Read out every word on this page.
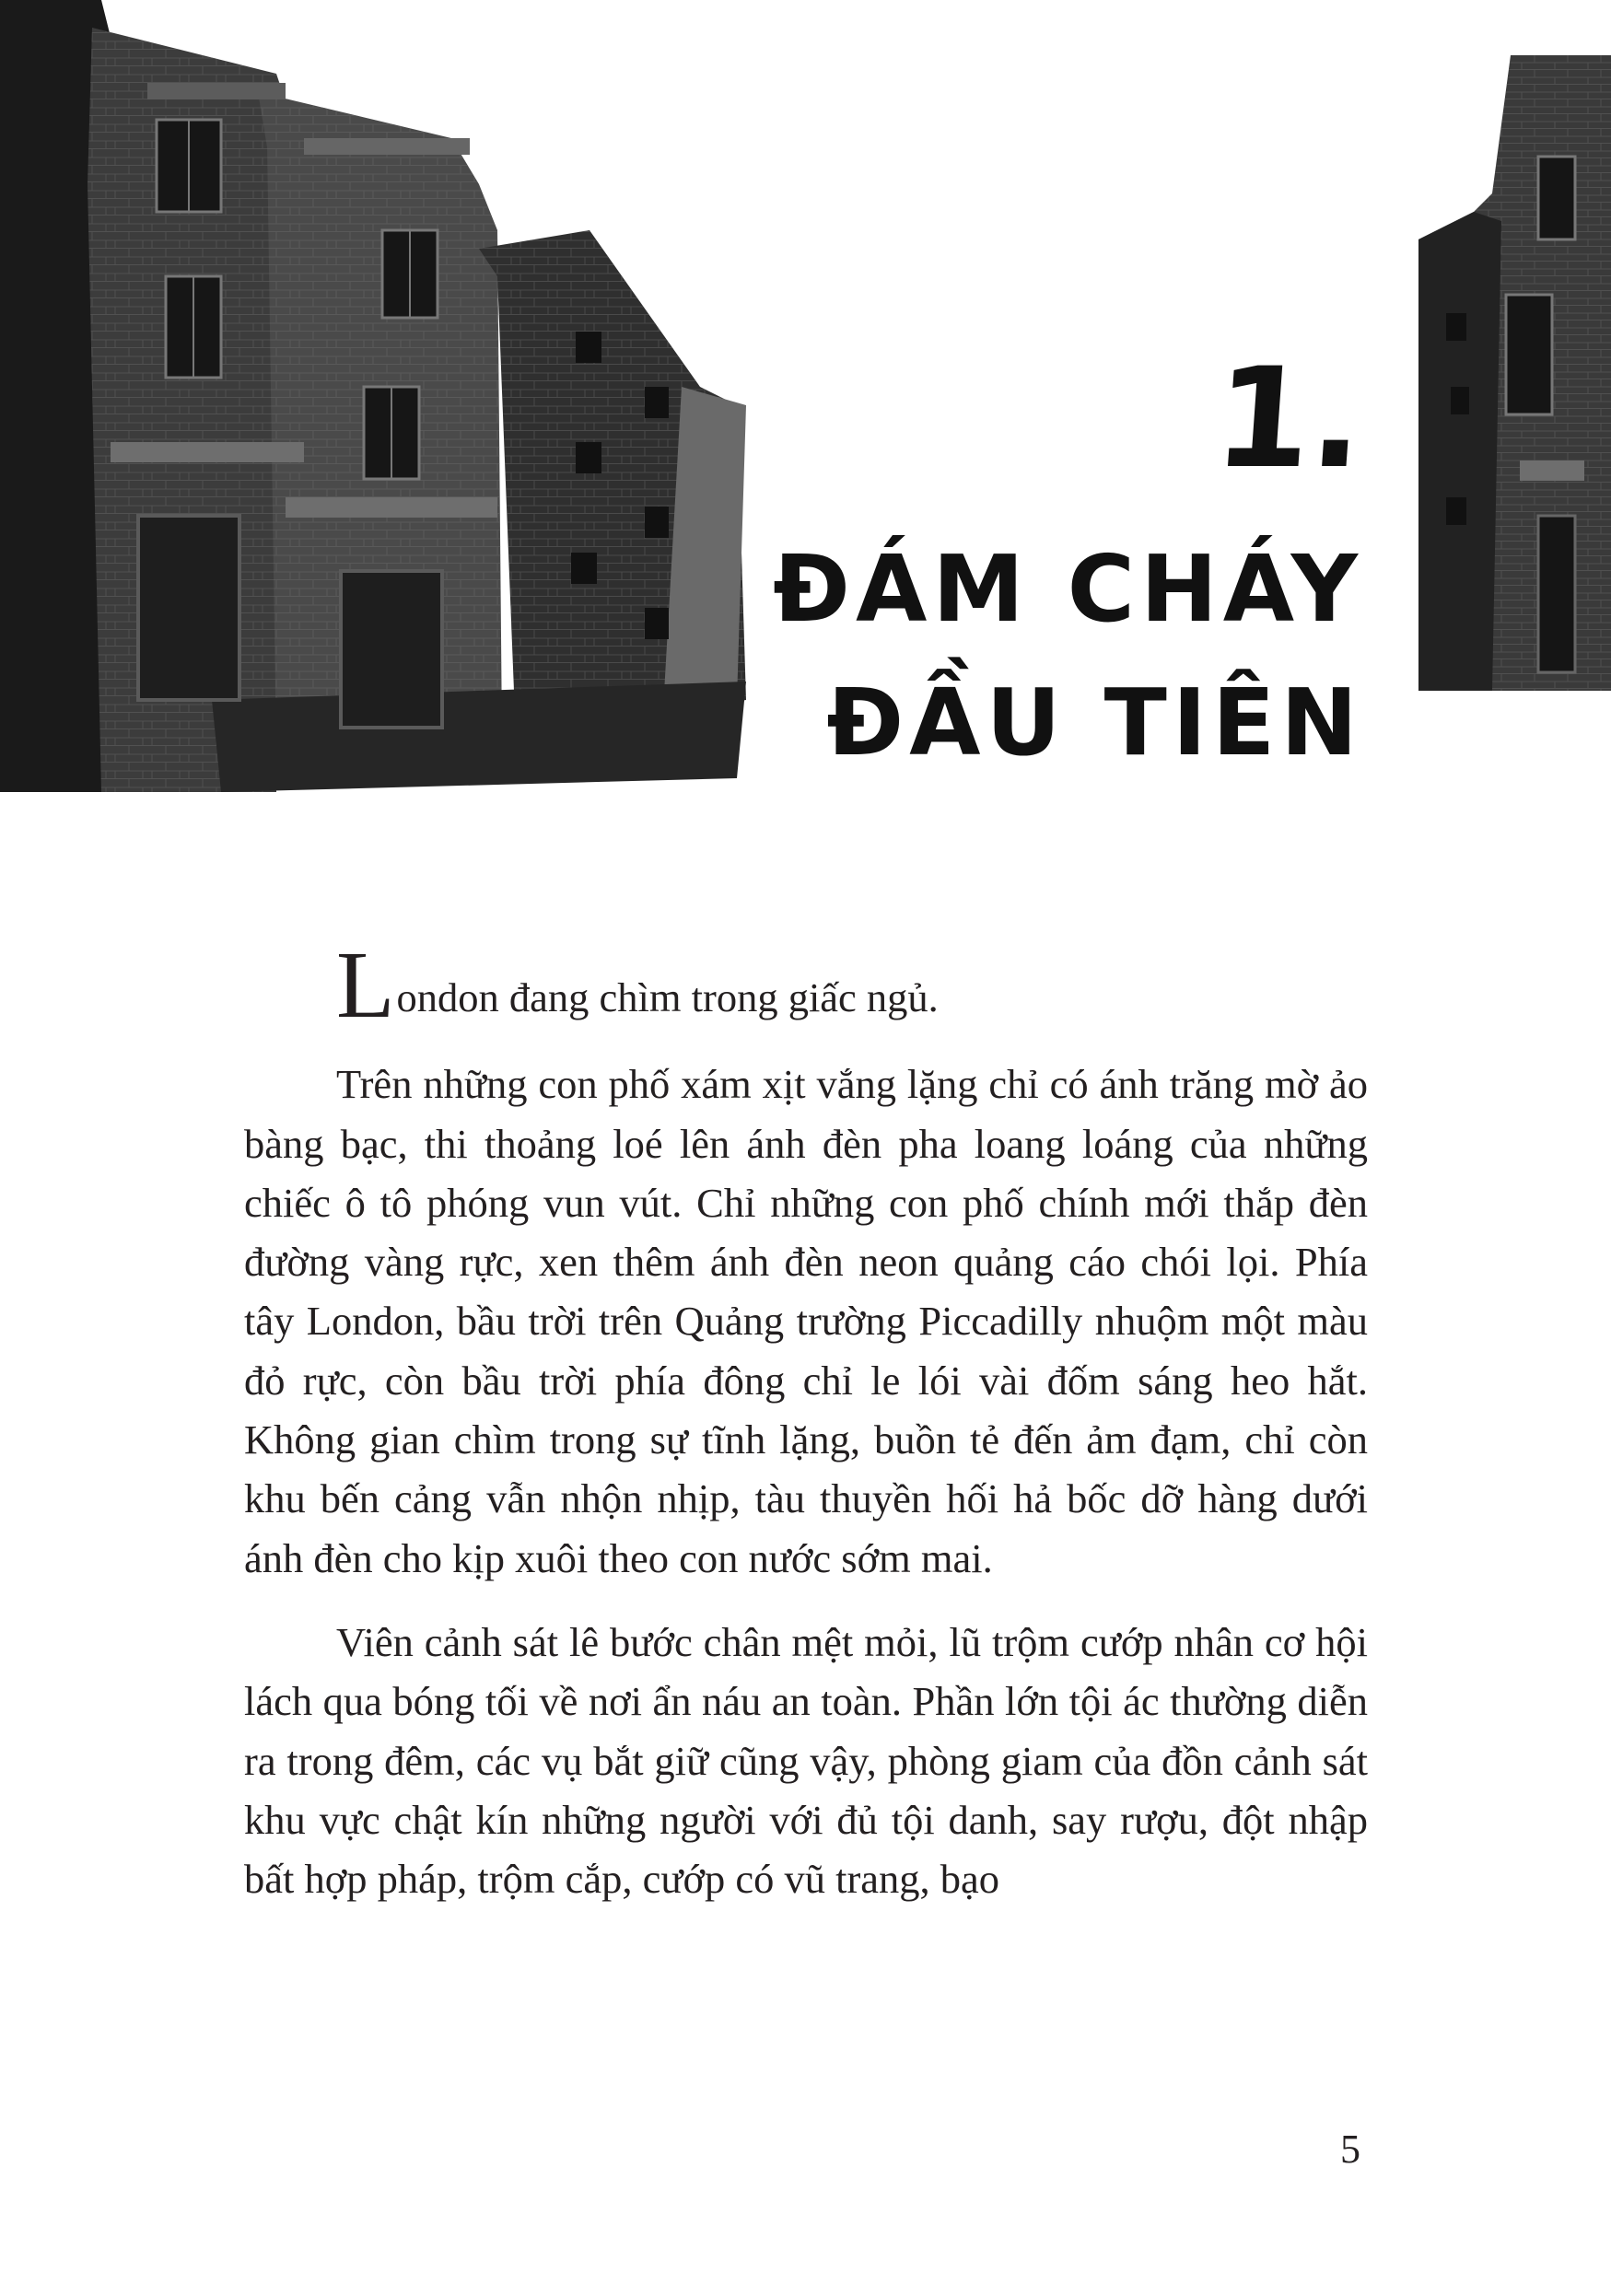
1.
ĐÁM CHÁY
ĐẦU TIÊN

London đang chìm trong giấc ngủ.

Trên những con phố xám xịt vắng lặng chỉ có ánh trăng mờ ảo bàng bạc, thi thoảng loé lên ánh đèn pha loang loáng của những chiếc ô tô phóng vun vút. Chỉ những con phố chính mới thắp đèn đường vàng rực, xen thêm ánh đèn neon quảng cáo chói lọi. Phía tây London, bầu trời trên Quảng trường Piccadilly nhuộm một màu đỏ rực, còn bầu trời phía đông chỉ le lói vài đốm sáng heo hắt. Không gian chìm trong sự tĩnh lặng, buồn tẻ đến ảm đạm, chỉ còn khu bến cảng vẫn nhộn nhịp, tàu thuyền hối hả bốc dỡ hàng dưới ánh đèn cho kịp xuôi theo con nước sớm mai.

Viên cảnh sát lê bước chân mệt mỏi, lũ trộm cướp nhân cơ hội lách qua bóng tối về nơi ẩn náu an toàn. Phần lớn tội ác thường diễn ra trong đêm, các vụ bắt giữ cũng vậy, phòng giam của đồn cảnh sát khu vực chật kín những người với đủ tội danh, say rượu, đột nhập bất hợp pháp, trộm cắp, cướp có vũ trang, bạo

5
